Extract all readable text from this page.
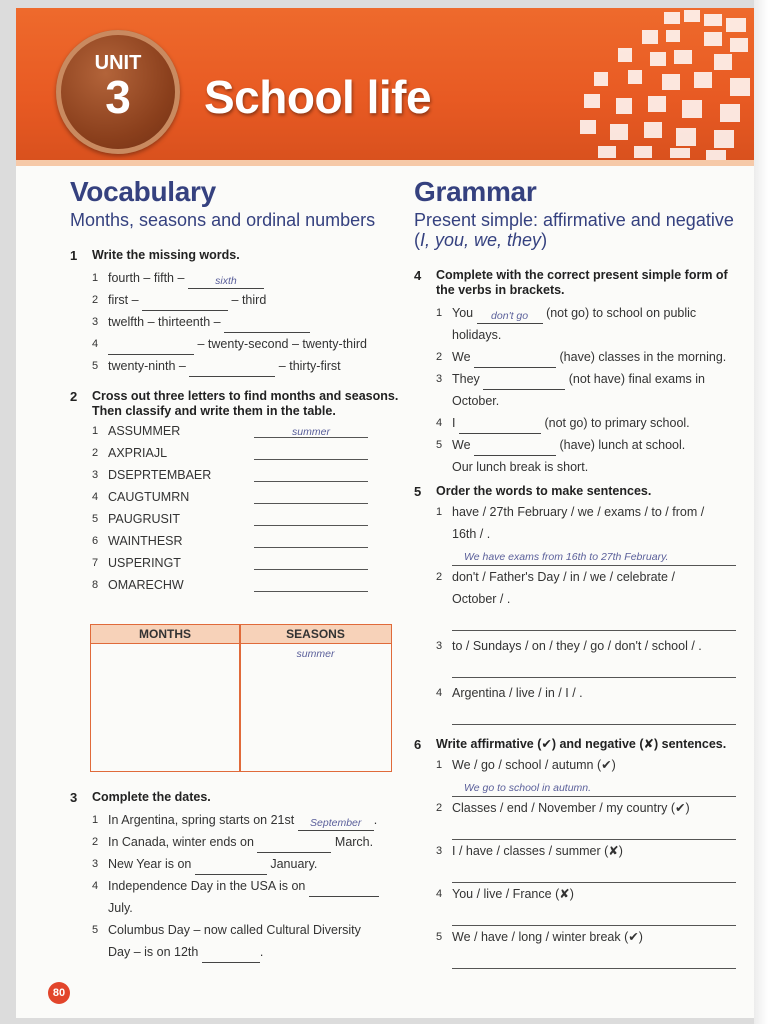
UNIT
3	School life
Vocabulary
Months, seasons and ordinal numbers
1 Write the missing words.
1 fourth – fifth –	sixth
2 first –	– third
3 twelfth – thirteenth –
4	– twenty-second – twenty-third
5 twenty-ninth –	– thirty-first
2 Cross out three letters to find months and seasons. Then classify and write them in the table.
1 ASSUMMER	summer
2 AXPRIAJL
3 DSEPRTEMBAER
4 CAUGTUMRN
5 PAUGRUSIT
6 WAINTHESR
7 USPERINGT
8 OMARECHW
MONTHS	SEASONS
summer
3 Complete the dates.
1 In Argentina, spring starts on 21st September .
2 In Canada, winter ends on	March.
3 New Year is on	January.
4 Independence Day in the USA is on
July.
5 Columbus Day – now called Cultural Diversity
Day – is on 12th	.
Grammar
Present simple: affirmative and negative (I, you, we, they)
4 Complete with the correct present simple form of the verbs in brackets.
1 You don't go (not go) to school on public
holidays.
2 We	(have) classes in the morning.
3 They	(not have) final exams in
October.
4 I	(not go) to primary school.
5 We	(have) lunch at school.
Our lunch break is short.
5 Order the words to make sentences.
1 have / 27th February / we / exams / to / from /
16th / .
We have exams from 16th to 27th February.
2 don't / Father's Day / in / we / celebrate /
October / .
3 to / Sundays / on / they / go / don't / school / .
4 Argentina / live / in / I / .
6 Write affirmative (✔) and negative (✘) sentences.
1 We / go / school / autumn (✔)
We go to school in autumn.
2 Classes / end / November / my country (✔)
3 I / have / classes / summer (✘)
4 You / live / France (✘)
5 We / have / long / winter break (✔)
80
